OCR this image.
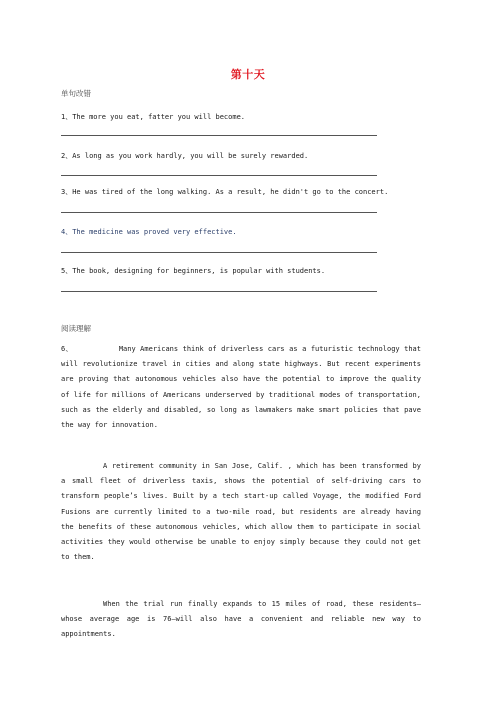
第十天
单句改错
1、The more you eat, fatter you will become.
2、As long as you work hardly, you will be surely rewarded.
3、He was tired of the long walking. As a result, he didn't go to the concert.
4、The medicine was proved very effective.
5、The book, designing for beginners, is popular with students.
阅读理解
6、	Many Americans think of driverless cars as a futuristic technology that will revolutionize travel in cities and along state highways. But recent experiments are proving that autonomous vehicles also have the potential to improve the quality of life for millions of Americans underserved by traditional modes of transportation, such as the elderly and disabled, so long as lawmakers make smart policies that pave the way for innovation.
A retirement community in San Jose, Calif. , which has been transformed by a small fleet of driverless taxis, shows the potential of self-driving cars to transform people’s lives. Built by a tech start-up called Voyage, the modified Ford Fusions are currently limited to a two-mile road, but residents are already having the benefits of these autonomous vehicles, which allow them to participate in social activities they would otherwise be unable to enjoy simply because they could not get to them.
When the trial run finally expands to 15 miles of road, these residents—whose average age is 76—will also have a convenient and reliable new way to appointments.
